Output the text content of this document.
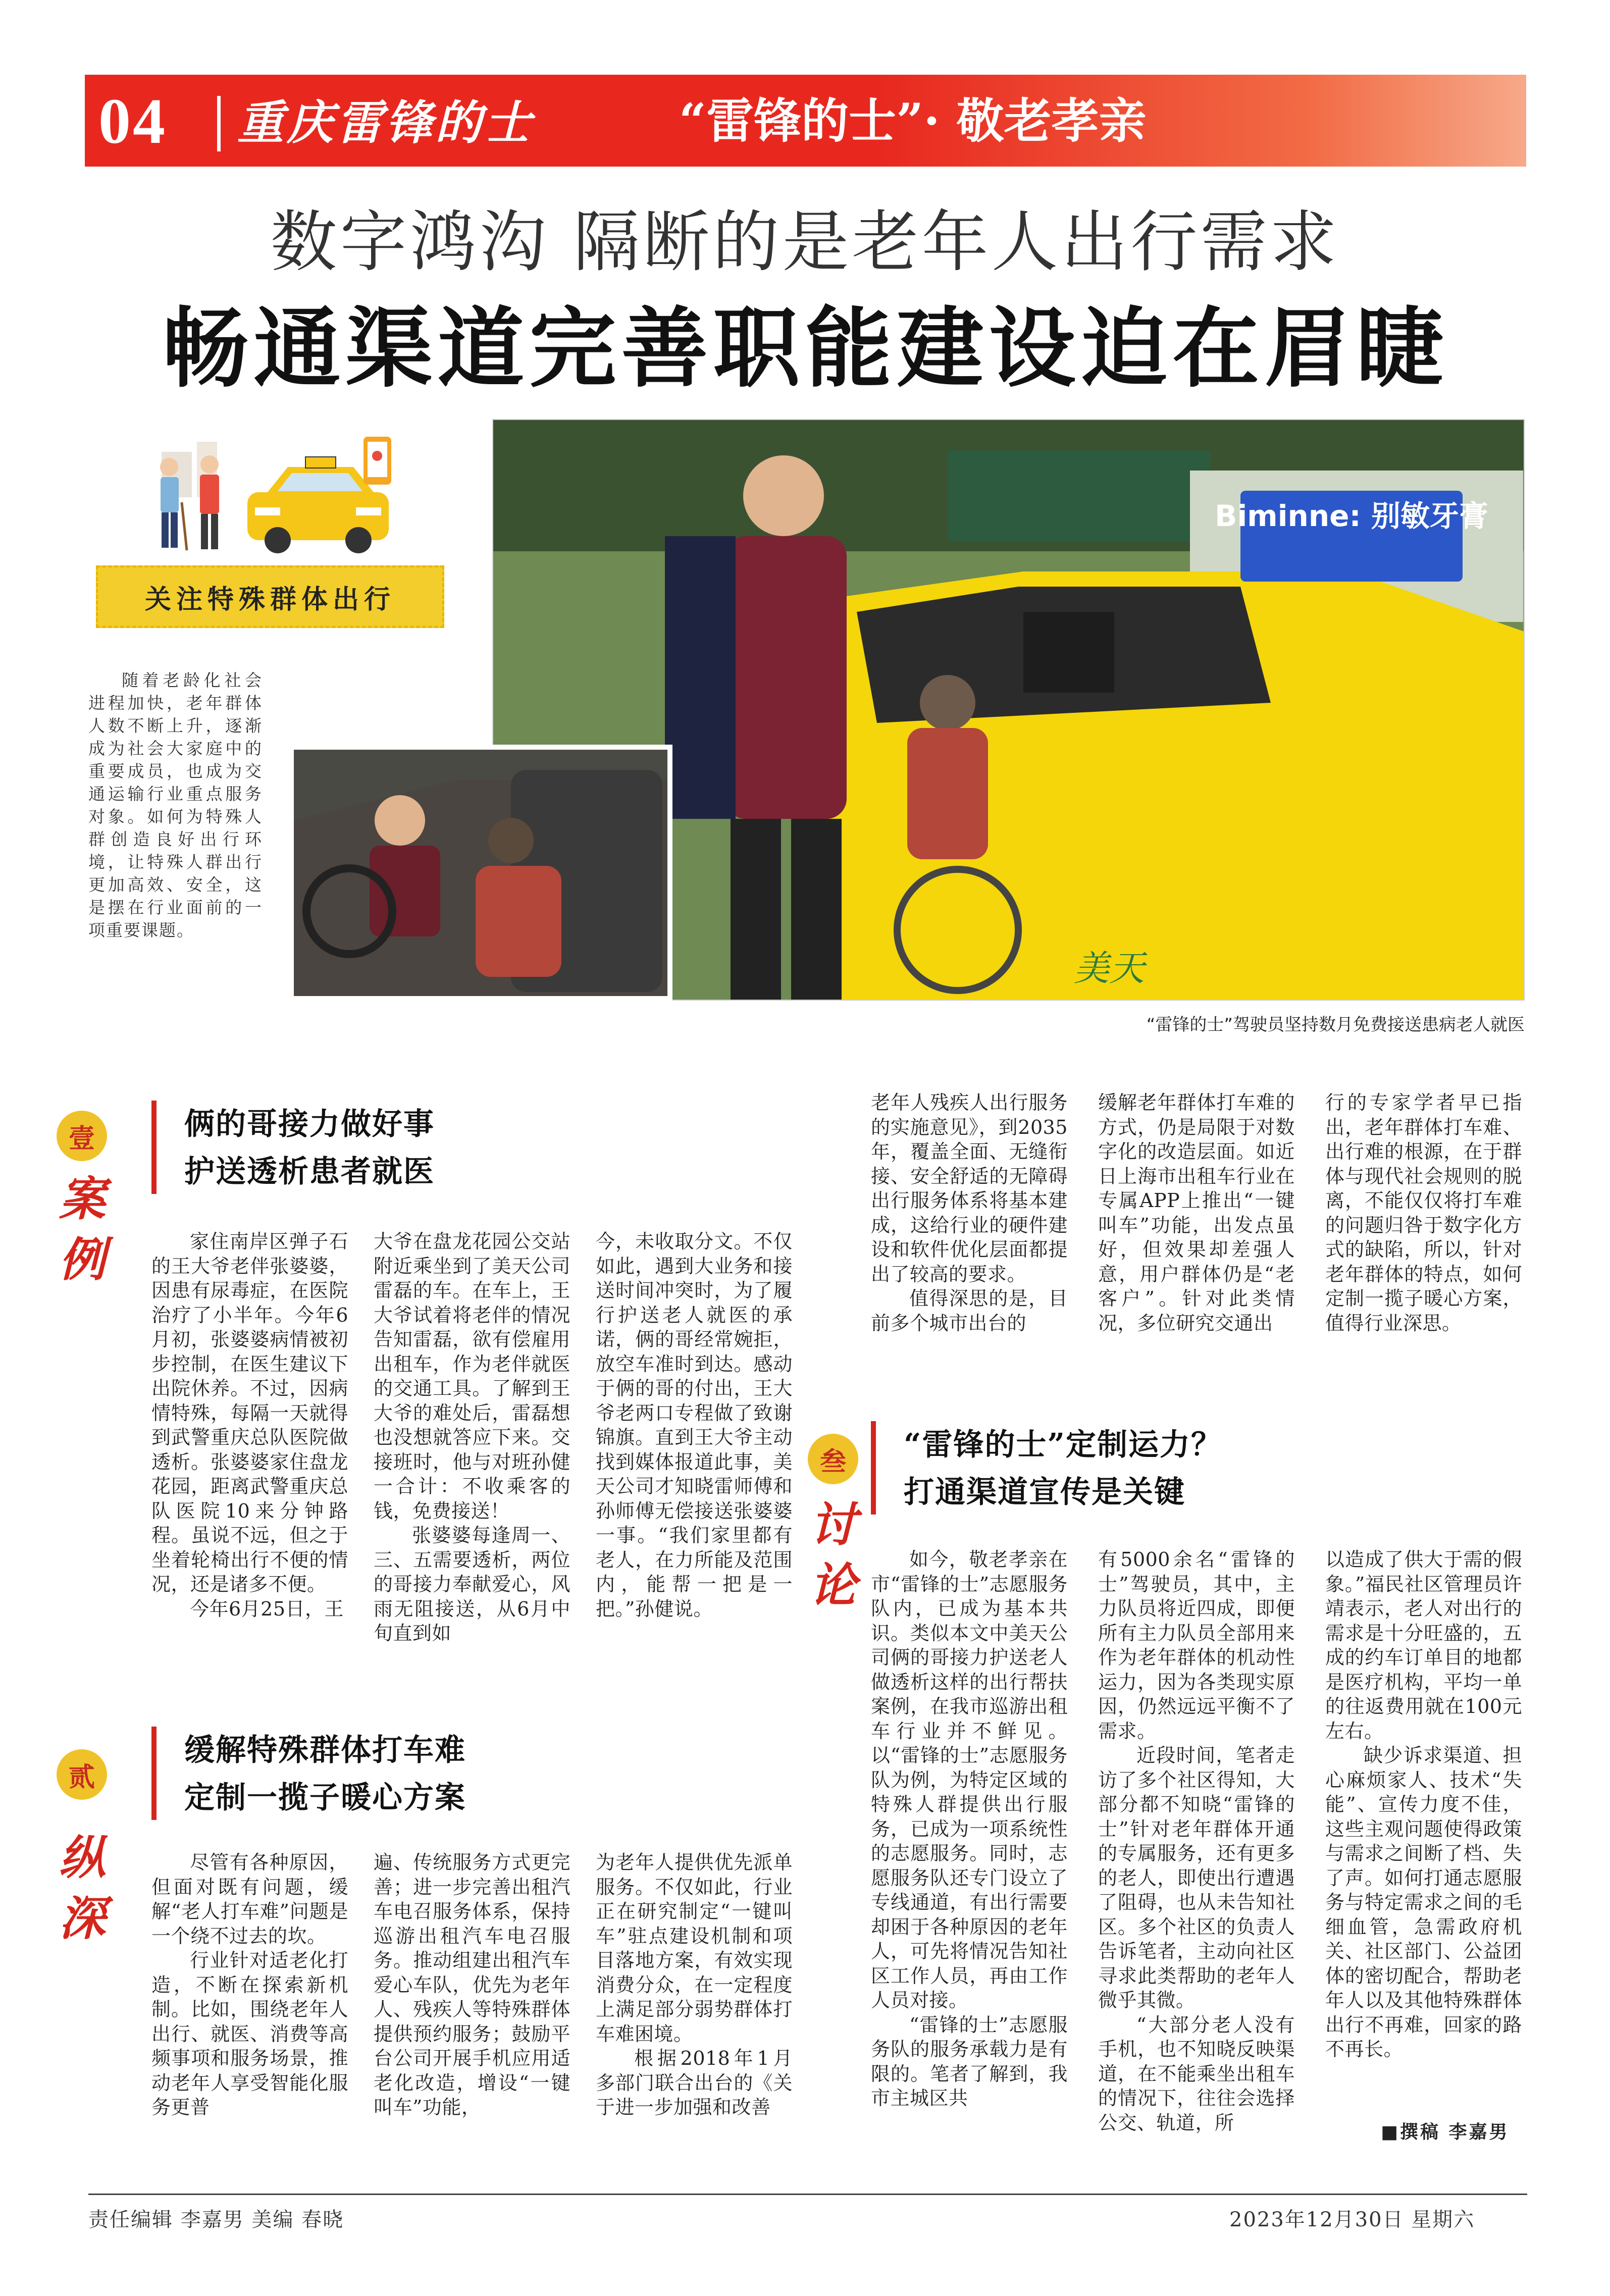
04 重庆雷锋的士	“雷锋的士”· 敬老孝亲
数字鸿沟 隔断的是老年人出行需求
畅通渠道完善职能建设迫在眉睫
关注特殊群体出行
随着老龄化社会进程加快，老年群体人数不断上升，逐渐成为社会大家庭中的重要成员，也成为交通运输行业重点服务对象。如何为特殊人群创造良好出行环境，让特殊人群出行更加高效、安全，这是摆在行业面前的一项重要课题。
Biminne: 别敏牙膏
美天
“雷锋的士”驾驶员坚持数月免费接送患病老人就医
壹
案例
俩的哥接力做好事
护送透析患者就医

家住南岸区弹子石的王大爷老伴张婆婆，因患有尿毒症，在医院治疗了小半年。今年6月初，张婆婆病情被初步控制，在医生建议下出院休养。不过，因病情特殊，每隔一天就得到武警重庆总队医院做透析。张婆婆家住盘龙花园，距离武警重庆总队医院10来分钟路程。虽说不远，但之于坐着轮椅出行不便的情况，还是诸多不便。

今年6月25日，王

大爷在盘龙花园公交站附近乘坐到了美天公司雷磊的车。在车上，王大爷试着将老伴的情况告知雷磊，欲有偿雇用出租车，作为老伴就医的交通工具。了解到王大爷的难处后，雷磊想也没想就答应下来。交接班时，他与对班孙健一合计：不收乘客的钱，免费接送！

张婆婆每逢周一、三、五需要透析，两位的哥接力奉献爱心，风雨无阻接送，从6月中旬直到如

今，未收取分文。不仅如此，遇到大业务和接送时间冲突时，为了履行护送老人就医的承诺，俩的哥经常婉拒，放空车准时到达。感动于俩的哥的付出，王大爷老两口专程做了致谢锦旗。直到王大爷主动找到媒体报道此事，美天公司才知晓雷师傅和孙师傅无偿接送张婆婆一事。“我们家里都有老人，在力所能及范围内，能帮一把是一把。”孙健说。

贰
纵深
缓解特殊群体打车难
定制一揽子暖心方案

尽管有各种原因，但面对既有问题，缓解“老人打车难”问题是一个绕不过去的坎。

行业针对适老化打造，不断在探索新机制。比如，围绕老年人出行、就医、消费等高频事项和服务场景，推动老年人享受智能化服务更普

遍、传统服务方式更完善；进一步完善出租汽车电召服务体系，保持巡游出租汽车电召服务。推动组建出租汽车爱心车队，优先为老年人、残疾人等特殊群体提供预约服务；鼓励平台公司开展手机应用适老化改造，增设“一键叫车”功能，

为老年人提供优先派单服务。不仅如此，行业正在研究制定“一键叫车”驻点建设机制和项目落地方案，有效实现消费分众，在一定程度上满足部分弱势群体打车难困境。

根据2018年1月多部门联合出台的《关于进一步加强和改善

老年人残疾人出行服务的实施意见》，到2035年，覆盖全面、无缝衔接、安全舒适的无障碍出行服务体系将基本建成，这给行业的硬件建设和软件优化层面都提出了较高的要求。

值得深思的是，目前多个城市出台的

缓解老年群体打车难的方式，仍是局限于对数字化的改造层面。如近日上海市出租车行业在专属APP上推出“一键叫车”功能，出发点虽好，但效果却差强人意，用户群体仍是“老客户”。针对此类情况，多位研究交通出

行的专家学者早已指出，老年群体打车难、出行难的根源，在于群体与现代社会规则的脱离，不能仅仅将打车难的问题归咎于数字化方式的缺陷，所以，针对老年群体的特点，如何定制一揽子暖心方案，值得行业深思。

叁
讨论
“雷锋的士”定制运力？
打通渠道宣传是关键

如今，敬老孝亲在市“雷锋的士”志愿服务队内，已成为基本共识。类似本文中美天公司俩的哥接力护送老人做透析这样的出行帮扶案例，在我市巡游出租车行业并不鲜见。以“雷锋的士”志愿服务队为例，为特定区域的特殊人群提供出行服务，已成为一项系统性的志愿服务。同时，志愿服务队还专门设立了专线通道，有出行需要却困于各种原因的老年人，可先将情况告知社区工作人员，再由工作人员对接。

“雷锋的士”志愿服务队的服务承载力是有限的。笔者了解到，我市主城区共

有5000余名“雷锋的士”驾驶员，其中，主力队员将近四成，即便所有主力队员全部用来作为老年群体的机动性运力，因为各类现实原因，仍然远远平衡不了需求。

近段时间，笔者走访了多个社区得知，大部分都不知晓“雷锋的士”针对老年群体开通的专属服务，还有更多的老人，即使出行遭遇了阻碍，也从未告知社区。多个社区的负责人告诉笔者，主动向社区寻求此类帮助的老年人微乎其微。

“大部分老人没有手机，也不知晓反映渠道，在不能乘坐出租车的情况下，往往会选择公交、轨道，所

以造成了供大于需的假象。”福民社区管理员许靖表示，老人对出行的需求是十分旺盛的，五成的约车订单目的地都是医疗机构，平均一单的往返费用就在100元左右。

缺少诉求渠道、担心麻烦家人、技术“失能”、宣传力度不佳，这些主观问题使得政策与需求之间断了档、失了声。如何打通志愿服务与特定需求之间的毛细血管，急需政府机关、社区部门、公益团体的密切配合，帮助老年人以及其他特殊群体出行不再难，回家的路不再长。

■撰稿 李嘉男
责任编辑 李嘉男 美编 春晓	2023年12月30日 星期六
